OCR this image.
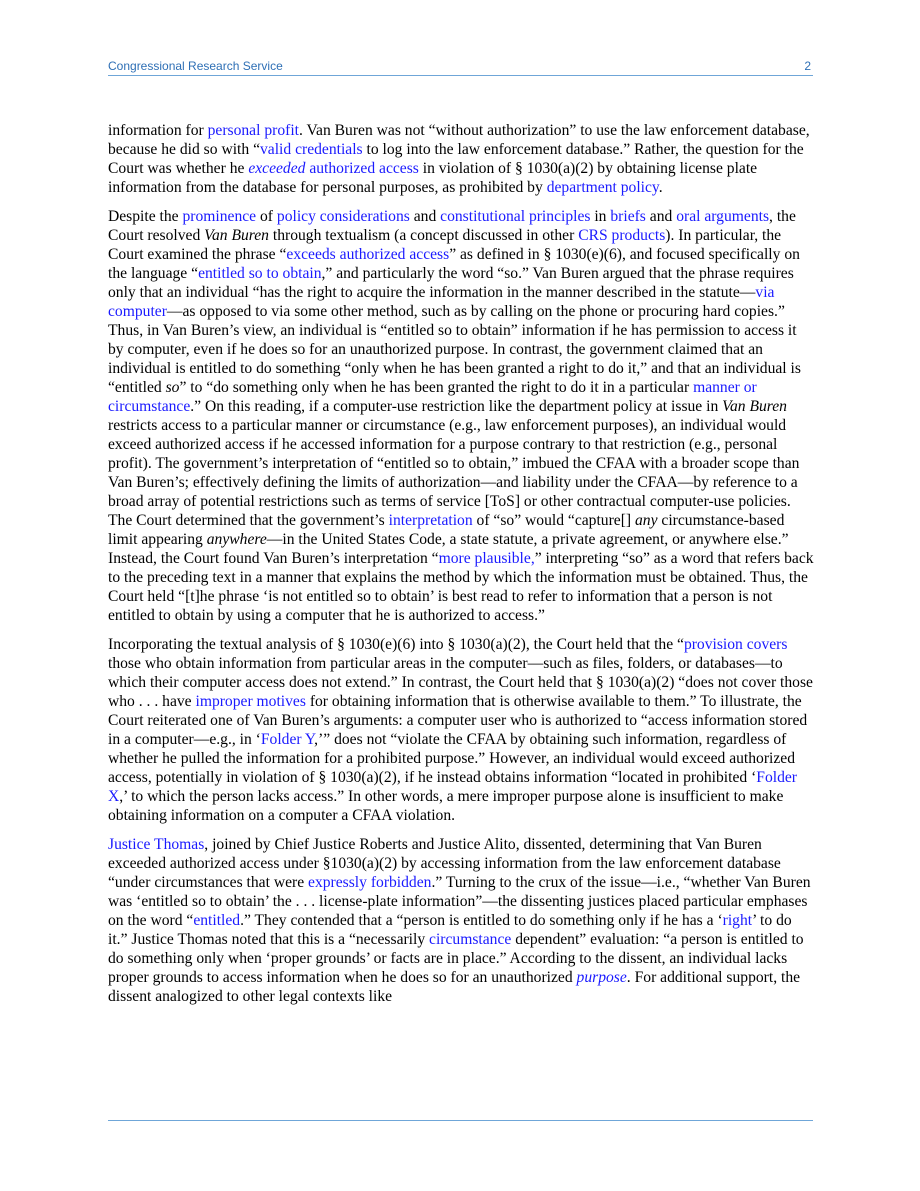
Congressional Research Service	2

information for personal profit. Van Buren was not “without authorization” to use the law enforcement database, because he did so with “valid credentials to log into the law enforcement database.” Rather, the question for the Court was whether he exceeded authorized access in violation of § 1030(a)(2) by obtaining license plate information from the database for personal purposes, as prohibited by department policy.

Despite the prominence of policy considerations and constitutional principles in briefs and oral arguments, the Court resolved Van Buren through textualism (a concept discussed in other CRS products). In particular, the Court examined the phrase “exceeds authorized access” as defined in § 1030(e)(6), and focused specifically on the language “entitled so to obtain,” and particularly the word “so.” Van Buren argued that the phrase requires only that an individual “has the right to acquire the information in the manner described in the statute—via computer—as opposed to via some other method, such as by calling on the phone or procuring hard copies.” Thus, in Van Buren’s view, an individual is “entitled so to obtain” information if he has permission to access it by computer, even if he does so for an unauthorized purpose. In contrast, the government claimed that an individual is entitled to do something “only when he has been granted a right to do it,” and that an individual is “entitled so” to “do something only when he has been granted the right to do it in a particular manner or circumstance.” On this reading, if a computer-use restriction like the department policy at issue in Van Buren restricts access to a particular manner or circumstance (e.g., law enforcement purposes), an individual would exceed authorized access if he accessed information for a purpose contrary to that restriction (e.g., personal profit). The government’s interpretation of “entitled so to obtain,” imbued the CFAA with a broader scope than Van Buren’s; effectively defining the limits of authorization—and liability under the CFAA—by reference to a broad array of potential restrictions such as terms of service [ToS] or other contractual computer-use policies. The Court determined that the government’s interpretation of “so” would “capture[] any circumstance-based limit appearing anywhere—in the United States Code, a state statute, a private agreement, or anywhere else.” Instead, the Court found Van Buren’s interpretation “more plausible,” interpreting “so” as a word that refers back to the preceding text in a manner that explains the method by which the information must be obtained. Thus, the Court held “[t]he phrase ‘is not entitled so to obtain’ is best read to refer to information that a person is not entitled to obtain by using a computer that he is authorized to access.”

Incorporating the textual analysis of § 1030(e)(6) into § 1030(a)(2), the Court held that the “provision covers those who obtain information from particular areas in the computer—such as files, folders, or databases—to which their computer access does not extend.” In contrast, the Court held that § 1030(a)(2) “does not cover those who . . . have improper motives for obtaining information that is otherwise available to them.” To illustrate, the Court reiterated one of Van Buren’s arguments: a computer user who is authorized to “access information stored in a computer—e.g., in ‘Folder Y,’” does not “violate the CFAA by obtaining such information, regardless of whether he pulled the information for a prohibited purpose.” However, an individual would exceed authorized access, potentially in violation of § 1030(a)(2), if he instead obtains information “located in prohibited ‘Folder X,’ to which the person lacks access.” In other words, a mere improper purpose alone is insufficient to make obtaining information on a computer a CFAA violation.

Justice Thomas, joined by Chief Justice Roberts and Justice Alito, dissented, determining that Van Buren exceeded authorized access under §1030(a)(2) by accessing information from the law enforcement database “under circumstances that were expressly forbidden.” Turning to the crux of the issue—i.e., “whether Van Buren was ‘entitled so to obtain’ the . . . license-plate information”—the dissenting justices placed particular emphases on the word “entitled.” They contended that a “person is entitled to do something only if he has a ‘right’ to do it.” Justice Thomas noted that this is a “necessarily circumstance dependent” evaluation: “a person is entitled to do something only when ‘proper grounds’ or facts are in place.” According to the dissent, an individual lacks proper grounds to access information when he does so for an unauthorized purpose. For additional support, the dissent analogized to other legal contexts like
